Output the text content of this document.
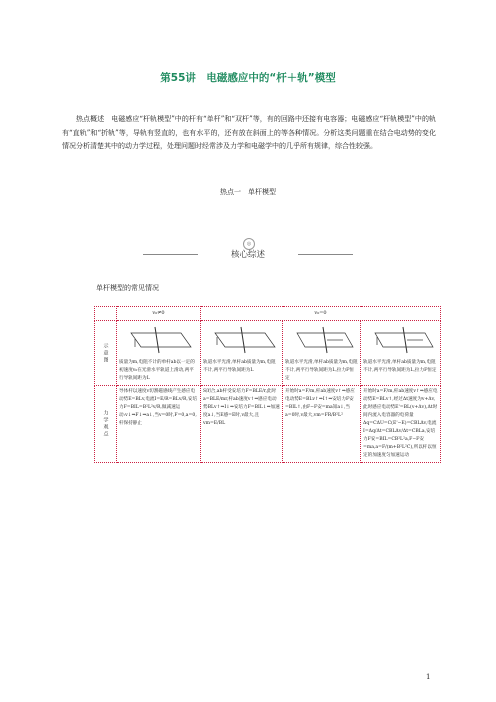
第55讲　电磁感应中的“杆＋轨”模型
热点概述　电磁感应“杆轨模型”中的杆有“单杆”和“双杆”等，有的回路中还接有电容器；电磁感应“杆轨模型”中的轨有“直轨”和“折轨”等，导轨有竖直的，也有水平的，还有放在斜面上的等各种情况。分析这类问题重在结合电动势的变化情况分析清楚其中的动力学过程，处理问题时经常涉及力学和电磁学中的几乎所有规律，综合性较强。
热点一　单杆模型
◎
核心综述
单杆模型的常见情况
	v₀≠0	v₀=0		
示意图	质量为m,电阻不计的单杆ab以一定的初速度v₀在光滑水平轨道上滑动,两平行导轨间距为L	轨道水平光滑,单杆ab质量为m,电阻不计,两平行导轨间距为L	轨道水平光滑,单杆ab质量为m,电阻不计,两平行导轨间距为L,拉力F恒定	轨道水平光滑,单杆ab质量为m,电阻不计,两平行导轨间距为L,拉力F恒定

力学观点	导体杆以速度v切割磁感线产生感应电动势E=BLv,电流I=E/R=BLv/R,安培力F=BIL=B²L²v/R,做减速运动:v↓⇒F↓⇒a↓,当v=0时,F=0,a=0,杆保持静止	S闭合,ab杆受安培力F=BLE/r,此时a=BLE/mr,杆ab速度v↑⇒感应电动势BLv↑⇒I↓⇒安培力F=BIL↓⇒加速度a↓,当E感=E时,v最大,且vm=E/BL	开始时a=F/m,杆ab速度v↑⇒感应电动势E=BLv↑⇒I↑⇒安培力F安=BIL↑,由F−F安=ma知a↓,当a=0时,v最大,vm=FR/B²L²	开始时a=F/m,杆ab速度v↑⇒感应电动势E=BLv↑,经过Δt速度为v+Δv,此时感应电动势E'=BL(v+Δv),Δt时间内流入电容器的电荷量Δq=CΔU=C(E'−E)=CBLΔv,电流I=Δq/Δt=CBLΔv/Δt=CBLa,安培力F安=BIL=CB²L²a,F−F安=ma,a=F/(m+B²L²C),所以杆以恒定的加速度匀加速运动
1
